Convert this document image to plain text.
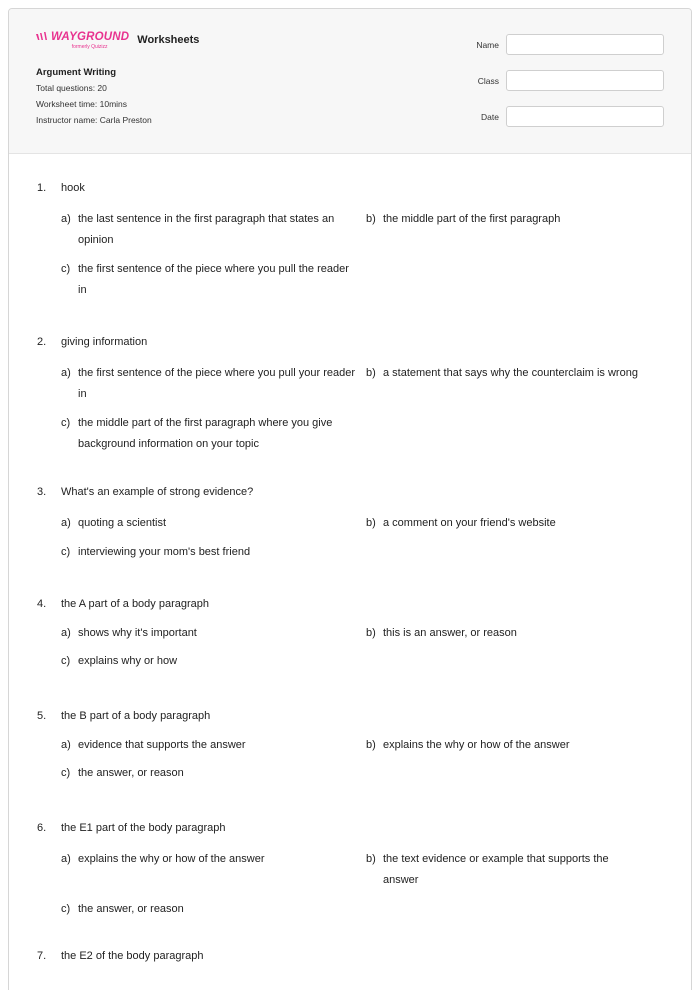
WAYGROUND
formerly Quizizz
Worksheets
Argument Writing
Total questions: 20
Worksheet time: 10mins
Instructor name: Carla Preston
Name
Class
Date
1.	hook
a) the last sentence in the first paragraph that states an opinion
b) the middle part of the first paragraph
c) the first sentence of the piece where you pull the reader in
2.	giving information
a) the first sentence of the piece where you pull your reader in
b) a statement that says why the counterclaim is wrong
c) the middle part of the first paragraph where you give background information on your topic
3.	What's an example of strong evidence?
a) quoting a scientist	b) a comment on your friend's website
c) interviewing your mom's best friend
4.	the A part of a body paragraph
a) shows why it's important	b) this is an answer, or reason
c) explains why or how
5.	the B part of a body paragraph
a) evidence that supports the answer	b) explains the why or how of the answer
c) the answer, or reason
6.	the E1 part of the body paragraph
a) explains the why or how of the answer	b) the text evidence or example that supports the answer
c) the answer, or reason
7.	the E2 of the body paragraph
